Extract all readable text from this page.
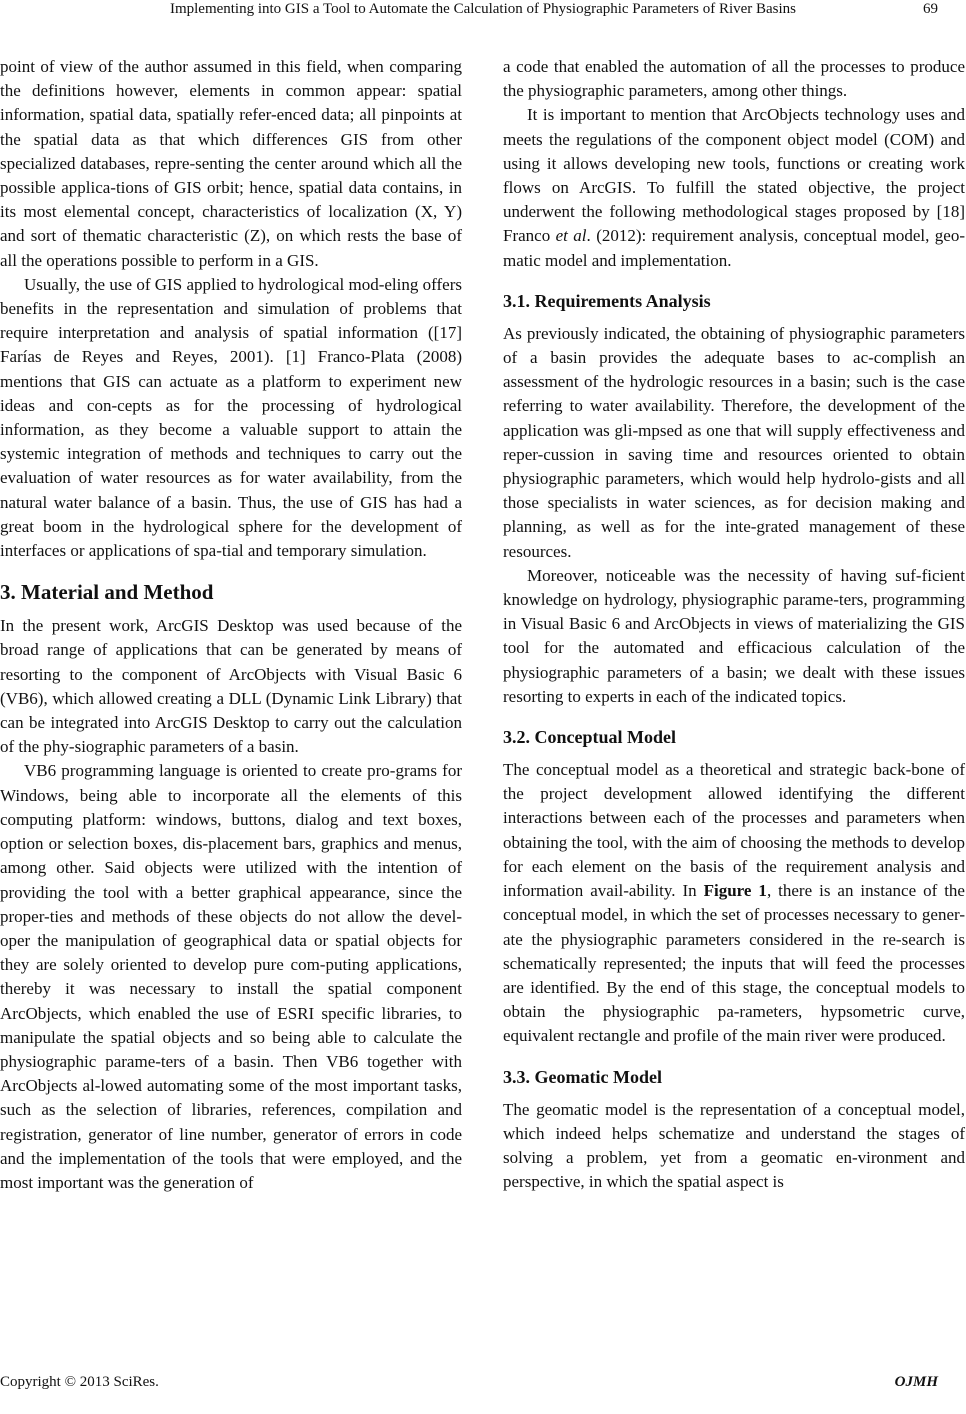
Implementing into GIS a Tool to Automate the Calculation of Physiographic Parameters of River Basins	69

point of view of the author assumed in this field, when comparing the definitions however, elements in common appear: spatial information, spatial data, spatially refer-enced data; all pinpoints at the spatial data as that which differences GIS from other specialized databases, repre-senting the center around which all the possible applica-tions of GIS orbit; hence, spatial data contains, in its most elemental concept, characteristics of localization (X, Y) and sort of thematic characteristic (Z), on which rests the base of all the operations possible to perform in a GIS.

Usually, the use of GIS applied to hydrological mod-eling offers benefits in the representation and simulation of problems that require interpretation and analysis of spatial information ([17] Farías de Reyes and Reyes, 2001). [1] Franco-Plata (2008) mentions that GIS can actuate as a platform to experiment new ideas and con-cepts as for the processing of hydrological information, as they become a valuable support to attain the systemic integration of methods and techniques to carry out the evaluation of water resources as for water availability, from the natural water balance of a basin. Thus, the use of GIS has had a great boom in the hydrological sphere for the development of interfaces or applications of spa-tial and temporary simulation.

3. Material and Method

In the present work, ArcGIS Desktop was used because of the broad range of applications that can be generated by means of resorting to the component of ArcObjects with Visual Basic 6 (VB6), which allowed creating a DLL (Dynamic Link Library) that can be integrated into ArcGIS Desktop to carry out the calculation of the phy-siographic parameters of a basin.

VB6 programming language is oriented to create pro-grams for Windows, being able to incorporate all the elements of this computing platform: windows, buttons, dialog and text boxes, option or selection boxes, dis-placement bars, graphics and menus, among other. Said objects were utilized with the intention of providing the tool with a better graphical appearance, since the proper-ties and methods of these objects do not allow the devel-oper the manipulation of geographical data or spatial objects for they are solely oriented to develop pure com-puting applications, thereby it was necessary to install the spatial component ArcObjects, which enabled the use of ESRI specific libraries, to manipulate the spatial objects and so being able to calculate the physiographic parame-ters of a basin. Then VB6 together with ArcObjects al-lowed automating some of the most important tasks, such as the selection of libraries, references, compilation and registration, generator of line number, generator of errors in code and the implementation of the tools that were employed, and the most important was the generation of

a code that enabled the automation of all the processes to produce the physiographic parameters, among other things.

It is important to mention that ArcObjects technology uses and meets the regulations of the component object model (COM) and using it allows developing new tools, functions or creating work flows on ArcGIS. To fulfill the stated objective, the project underwent the following methodological stages proposed by [18] Franco et al. (2012): requirement analysis, conceptual model, geo-matic model and implementation.

3.1. Requirements Analysis

As previously indicated, the obtaining of physiographic parameters of a basin provides the adequate bases to ac-complish an assessment of the hydrologic resources in a basin; such is the case referring to water availability. Therefore, the development of the application was gli-mpsed as one that will supply effectiveness and reper-cussion in saving time and resources oriented to obtain physiographic parameters, which would help hydrolo-gists and all those specialists in water sciences, as for decision making and planning, as well as for the inte-grated management of these resources.

Moreover, noticeable was the necessity of having suf-ficient knowledge on hydrology, physiographic parame-ters, programming in Visual Basic 6 and ArcObjects in views of materializing the GIS tool for the automated and efficacious calculation of the physiographic parameters of a basin; we dealt with these issues resorting to experts in each of the indicated topics.

3.2. Conceptual Model

The conceptual model as a theoretical and strategic back-bone of the project development allowed identifying the different interactions between each of the processes and parameters when obtaining the tool, with the aim of choosing the methods to develop for each element on the basis of the requirement analysis and information avail-ability. In Figure 1, there is an instance of the conceptual model, in which the set of processes necessary to gener-ate the physiographic parameters considered in the re-search is schematically represented; the inputs that will feed the processes are identified. By the end of this stage, the conceptual models to obtain the physiographic pa-rameters, hypsometric curve, equivalent rectangle and profile of the main river were produced.

3.3. Geomatic Model

The geomatic model is the representation of a conceptual model, which indeed helps schematize and understand the stages of solving a problem, yet from a geomatic en-vironment and perspective, in which the spatial aspect is

Copyright © 2013 SciRes.	OJMH
